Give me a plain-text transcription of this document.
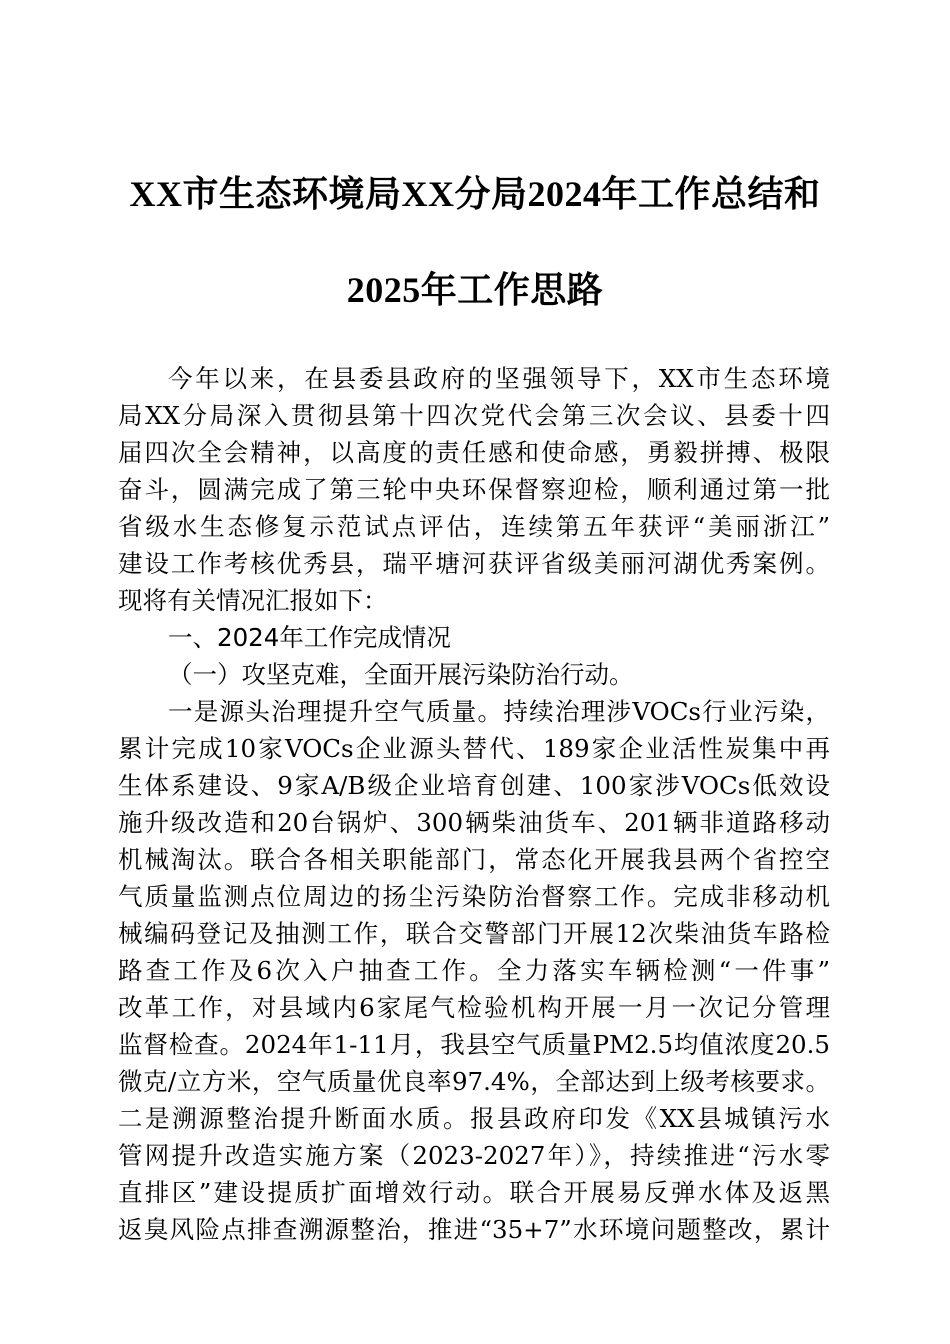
XX市生态环境局XX分局2024年工作总结和
2025年工作思路
今年以来，在县委县政府的坚强领导下，XX市生态环境
局XX分局深入贯彻县第十四次党代会第三次会议、县委十四
届四次全会精神，以高度的责任感和使命感，勇毅拼搏、极限
奋斗，圆满完成了第三轮中央环保督察迎检，顺利通过第一批
省级水生态修复示范试点评估，连续第五年获评“美丽浙江”
建设工作考核优秀县，瑞平塘河获评省级美丽河湖优秀案例。
现将有关情况汇报如下：
一、2024年工作完成情况
（一）攻坚克难，全面开展污染防治行动。
一是源头治理提升空气质量。持续治理涉VOCs行业污染，
累计完成10家VOCs企业源头替代、189家企业活性炭集中再
生体系建设、9家A/B级企业培育创建、100家涉VOCs低效设
施升级改造和20台锅炉、300辆柴油货车、201辆非道路移动
机械淘汰。联合各相关职能部门，常态化开展我县两个省控空
气质量监测点位周边的扬尘污染防治督察工作。完成非移动机
械编码登记及抽测工作，联合交警部门开展12次柴油货车路检
路查工作及6次入户抽查工作。全力落实车辆检测“一件事”
改革工作，对县域内6家尾气检验机构开展一月一次记分管理
监督检查。2024年1-11月，我县空气质量PM2.5均值浓度20.5
微克/立方米，空气质量优良率97.4%，全部达到上级考核要求。
二是溯源整治提升断面水质。报县政府印发《XX县城镇污水
管网提升改造实施方案（2023-2027年）》，持续推进“污水零
直排区”建设提质扩面增效行动。联合开展易反弹水体及返黑
返臭风险点排查溯源整治，推进“35+7”水环境问题整改，累计
